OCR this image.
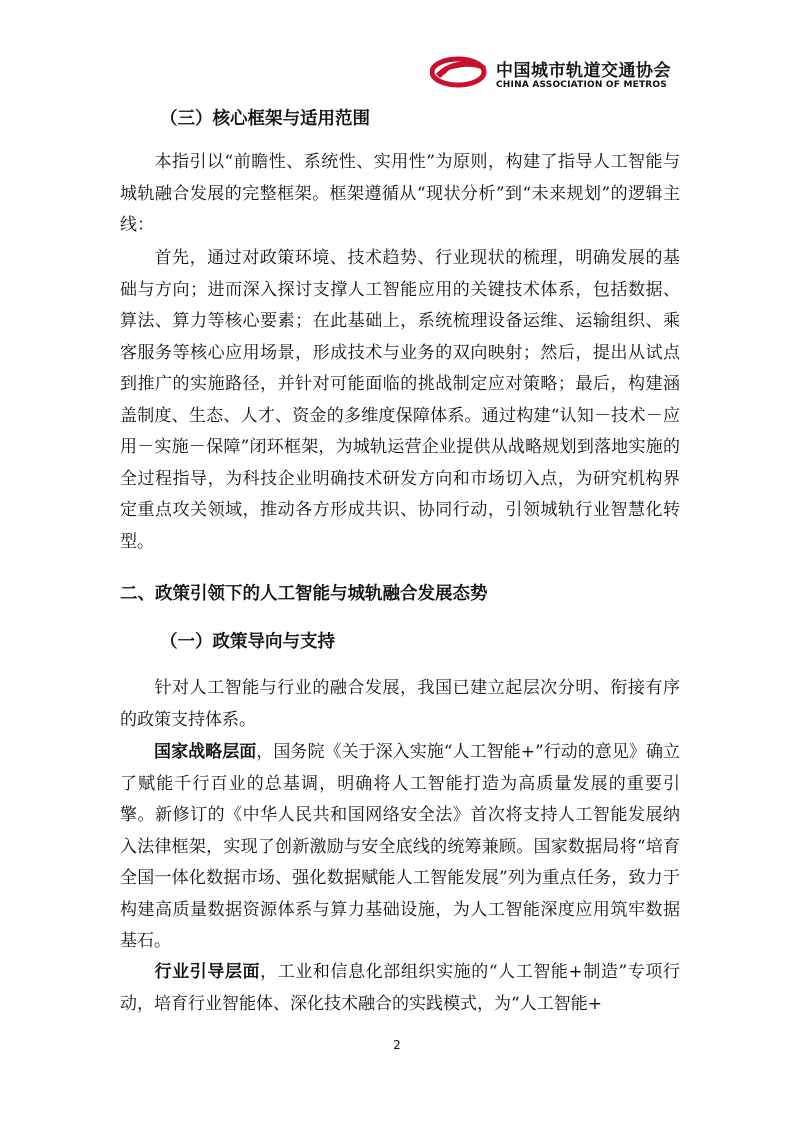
中国城市轨道交通协会
CHINA ASSOCIATION OF METROS
（三）核心框架与适用范围

本指引以“前瞻性、系统性、实用性”为原则，构建了指导人工智能与城轨融合发展的完整框架。框架遵循从“现状分析”到“未来规划”的逻辑主线：

首先，通过对政策环境、技术趋势、行业现状的梳理，明确发展的基础与方向；进而深入探讨支撑人工智能应用的关键技术体系，包括数据、算法、算力等核心要素；在此基础上，系统梳理设备运维、运输组织、乘客服务等核心应用场景，形成技术与业务的双向映射；然后，提出从试点到推广的实施路径，并针对可能面临的挑战制定应对策略；最后，构建涵盖制度、生态、人才、资金的多维度保障体系。通过构建“认知－技术－应用－实施－保障”闭环框架，为城轨运营企业提供从战略规划到落地实施的全过程指导，为科技企业明确技术研发方向和市场切入点，为研究机构界定重点攻关领域，推动各方形成共识、协同行动，引领城轨行业智慧化转型。

二、政策引领下的人工智能与城轨融合发展态势
（一）政策导向与支持

针对人工智能与行业的融合发展，我国已建立起层次分明、衔接有序的政策支持体系。

国家战略层面，国务院《关于深入实施“人工智能+”行动的意见》确立了赋能千行百业的总基调，明确将人工智能打造为高质量发展的重要引擎。新修订的《中华人民共和国网络安全法》首次将支持人工智能发展纳入法律框架，实现了创新激励与安全底线的统筹兼顾。国家数据局将“培育全国一体化数据市场、强化数据赋能人工智能发展”列为重点任务，致力于构建高质量数据资源体系与算力基础设施，为人工智能深度应用筑牢数据基石。

行业引导层面，工业和信息化部组织实施的“人工智能+制造”专项行动，培育行业智能体、深化技术融合的实践模式，为“人工智能+

2
